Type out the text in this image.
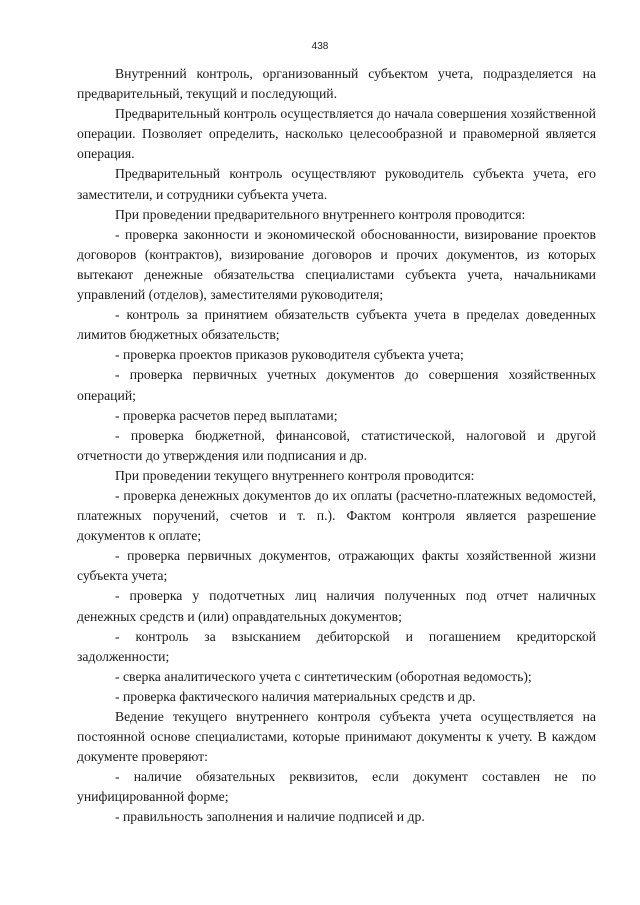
438

Внутренний контроль, организованный субъектом учета, подразделяется на предварительный, текущий и последующий.

Предварительный контроль осуществляется до начала совершения хозяйственной операции. Позволяет определить, насколько целесообразной и правомерной является операция.

Предварительный контроль осуществляют руководитель субъекта учета, его заместители, и сотрудники субъекта учета.

При проведении предварительного внутреннего контроля проводится:

- проверка законности и экономической обоснованности, визирование проектов договоров (контрактов), визирование договоров и прочих документов, из которых вытекают денежные обязательства специалистами субъекта учета, начальниками управлений (отделов), заместителями руководителя;

- контроль за принятием обязательств субъекта учета в пределах доведенных лимитов бюджетных обязательств;

- проверка проектов приказов руководителя субъекта учета;

- проверка первичных учетных документов до совершения хозяйственных операций;

- проверка расчетов перед выплатами;

- проверка бюджетной, финансовой, статистической, налоговой и другой отчетности до утверждения или подписания и др.

При проведении текущего внутреннего контроля проводится:

- проверка денежных документов до их оплаты (расчетно-платежных ведомостей, платежных поручений, счетов и т. п.). Фактом контроля является разрешение документов к оплате;

- проверка первичных документов, отражающих факты хозяйственной жизни субъекта учета;

- проверка у подотчетных лиц наличия полученных под отчет наличных денежных средств и (или) оправдательных документов;

- контроль за взысканием дебиторской и погашением кредиторской задолженности;

- сверка аналитического учета с синтетическим (оборотная ведомость);

- проверка фактического наличия материальных средств и др.

Ведение текущего внутреннего контроля субъекта учета осуществляется на постоянной основе специалистами, которые принимают документы к учету. В каждом документе проверяют:

- наличие обязательных реквизитов, если документ составлен не по унифицированной форме;

- правильность заполнения и наличие подписей и др.
